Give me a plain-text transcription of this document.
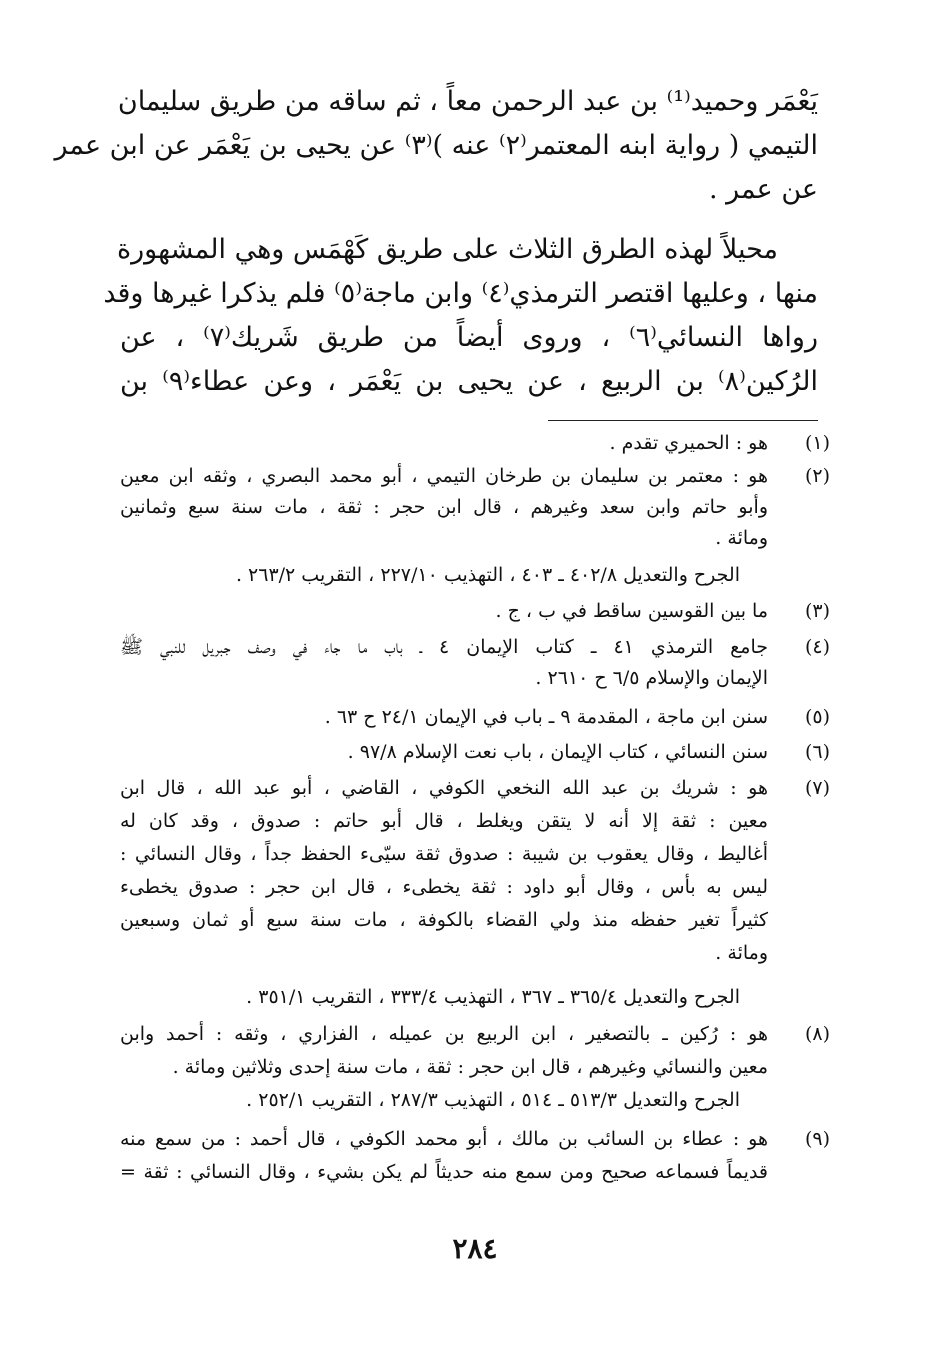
يَعْمَر وحميد⁽¹⁾ بن عبد الرحمن معاً ، ثم ساقه من طريق سليمان
التيمي ( رواية ابنه المعتمر⁽٢⁾ عنه )⁽٣⁾ عن يحيى بن يَعْمَر عن ابن عمر
عن عمر .
محيلاً لهذه الطرق الثلاث على طريق كَهْمَس وهي المشهورة
منها ، وعليها اقتصر الترمذي⁽٤⁾ وابن ماجة⁽٥⁾ فلم يذكرا غيرها وقد
رواها النسائي⁽٦⁾ ، وروى أيضاً من طريق شَريك⁽٧⁾ ، عن
الرُكين⁽٨⁾ بن الربيع ، عن يحيى بن يَعْمَر ، وعن عطاء⁽٩⁾ بن
(١)
هو : الحميري تقدم .
(٢)
هو : معتمر بن سليمان بن طرخان التيمي ، أبو محمد البصري ، وثقه ابن معين
وأبو حاتم وابن سعد وغيرهم ، قال ابن حجر : ثقة ، مات سنة سبع وثمانين
ومائة .
الجرح والتعديل ٤٠٢/٨ ـ ٤٠٣ ، التهذيب ٢٢٧/١٠ ، التقريب ٢٦٣/٢ .
(٣)
ما بين القوسين ساقط في ب ، ج .
(٤)
جامع الترمذي ٤١ ـ كتاب الإيمان ٤ ـ باب ما جاء في وصف جبريل للنبي ﷺ
الإيمان والإسلام ٦/٥ ح ٢٦١٠ .
(٥)
سنن ابن ماجة ، المقدمة ٩ ـ باب في الإيمان ٢٤/١ ح ٦٣ .
(٦)
سنن النسائي ، كتاب الإيمان ، باب نعت الإسلام ٩٧/٨ .
(٧)
هو : شريك بن عبد الله النخعي الكوفي ، القاضي ، أبو عبد الله ، قال ابن
معين : ثقة إلا أنه لا يتقن ويغلط ، قال أبو حاتم : صدوق ، وقد كان له
أغاليط ، وقال يعقوب بن شيبة : صدوق ثقة سيّىء الحفظ جداً ، وقال النسائي :
ليس به بأس ، وقال أبو داود : ثقة يخطىء ، قال ابن حجر : صدوق يخطىء
كثيراً تغير حفظه منذ ولي القضاء بالكوفة ، مات سنة سبع أو ثمان وسبعين
ومائة .
الجرح والتعديل ٣٦٥/٤ ـ ٣٦٧ ، التهذيب ٣٣٣/٤ ، التقريب ٣٥١/١ .
(٨)
هو : رُكين ـ بالتصغير ، ابن الربيع بن عميله ، الفزاري ، وثقه : أحمد وابن
معين والنسائي وغيرهم ، قال ابن حجر : ثقة ، مات سنة إحدى وثلاثين ومائة .
الجرح والتعديل ٥١٣/٣ ـ ٥١٤ ، التهذيب ٢٨٧/٣ ، التقريب ٢٥٢/١ .
(٩)
هو : عطاء بن السائب بن مالك ، أبو محمد الكوفي ، قال أحمد : من سمع منه
قديماً فسماعه صحيح ومن سمع منه حديثاً لم يكن بشيء ، وقال النسائي : ثقة =
٢٨٤
